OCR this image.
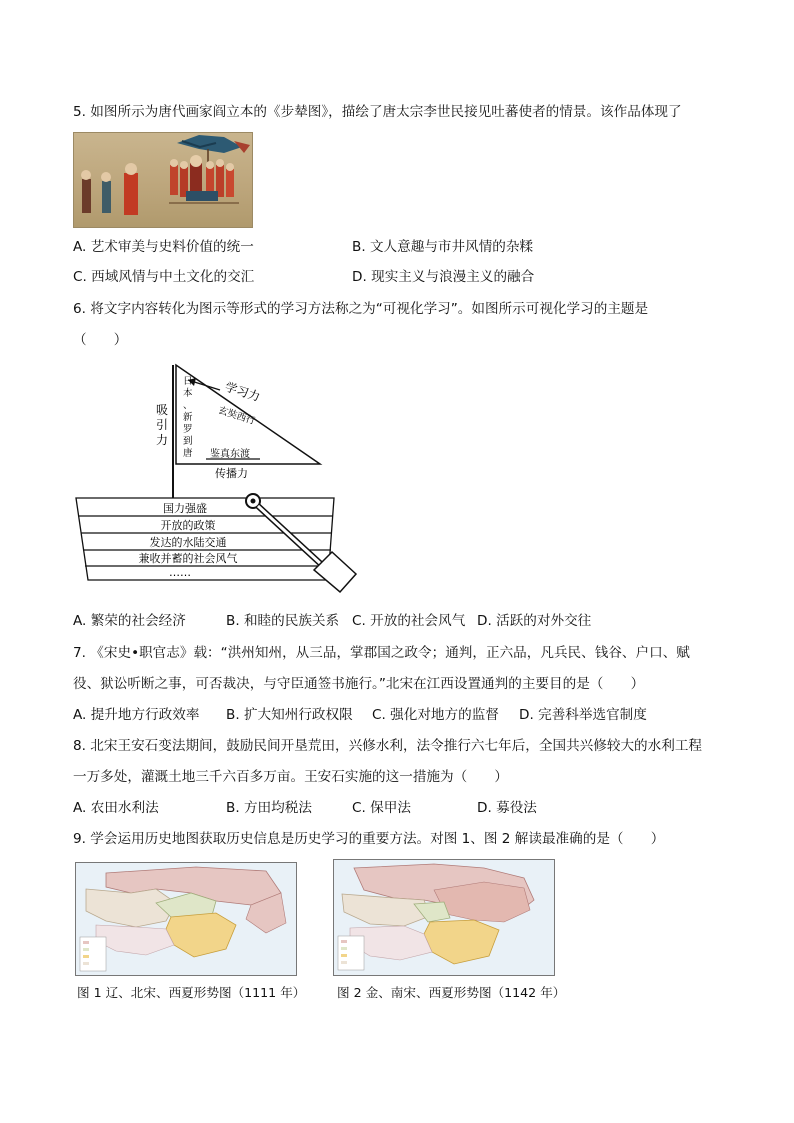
5. 如图所示为唐代画家阎立本的《步辇图》，描绘了唐太宗李世民接见吐蕃使者的情景。该作品体现了
A. 艺术审美与史料价值的统一	B. 文人意趣与市井风情的杂糅
C. 西域风情与中土文化的交汇	D. 现实主义与浪漫主义的融合
6. 将文字内容转化为图示等形式的学习方法称之为“可视化学习”。如图所示可视化学习的主题是
（　　）
日
本
、
新
罗
到
唐
吸
引
力
学习力
玄奘西行
鉴真东渡
传播力
国力强盛
开放的政策
发达的水陆交通
兼收并蓄的社会风气
……
A. 繁荣的社会经济	B. 和睦的民族关系 C. 开放的社会风气 D. 活跃的对外交往
7. 《宋史•职官志》载：“洪州知州，从三品，掌郡国之政令；通判，正六品，凡兵民、钱谷、户口、赋
役、狱讼听断之事，可否裁决，与守臣通签书施行。”北宋在江西设置通判的主要目的是（　　）
A. 提升地方行政效率 B. 扩大知州行政权限 C. 强化对地方的监督 D. 完善科举选官制度
8. 北宋王安石变法期间，鼓励民间开垦荒田，兴修水利，法令推行六七年后，全国共兴修较大的水利工程
一万多处，灌溉土地三千六百多万亩。王安石实施的这一措施为（　　）
A. 农田水利法	B. 方田均税法	C. 保甲法	D. 募役法
9. 学会运用历史地图获取历史信息是历史学习的重要方法。对图 1、图 2 解读最准确的是（　　）
图 1 辽、北宋、西夏形势图（1111 年）	图 2 金、南宋、西夏形势图（1142 年）
